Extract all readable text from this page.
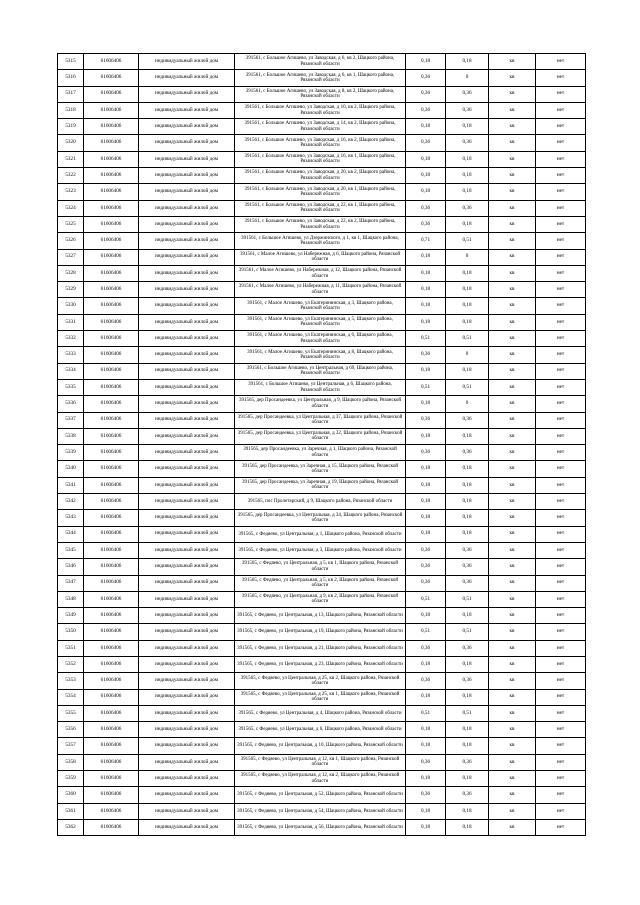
5315	61606406	индивидуальный жилой дом	391561, с Большое Агишево, ул Заводская, д 6, кв 2, Шацкого района, Рязанской области	0,18	0,18	кв	нет
5316	61606406	индивидуальный жилой дом	391561, с Большое Агишево, ул Заводская, д 6, кв 1, Шацкого района, Рязанской области	0,36	0	кв	нет
5317	61606406	индивидуальный жилой дом	391561, с Большое Агишево, ул Заводская, д 8, кв 2, Шацкого района, Рязанской области	0,36	0,36	кв	нет
5318	61606406	индивидуальный жилой дом	391561, с Большое Агишево, ул Заводская, д 10, кв 2, Шацкого района, Рязанской области	0,36	0,36	кв	нет
5319	61606406	индивидуальный жилой дом	391561, с Большое Агишево, ул Заводская, д 14, кв 2, Шацкого района, Рязанской области	0,18	0,18	кв	нет
5320	61606406	индивидуальный жилой дом	391561, с Большое Агишево, ул Заводская, д 16, кв 2, Шацкого района, Рязанской области	0,36	0,36	кв	нет
5321	61606406	индивидуальный жилой дом	391561, с Большое Агишево, ул Заводская, д 16, кв 1, Шацкого района, Рязанской области	0,18	0,18	кв	нет
5322	61606406	индивидуальный жилой дом	391561, с Большое Агишево, ул Заводская, д 20, кв 2, Шацкого района, Рязанской области	0,18	0,18	кв	нет
5323	61606406	индивидуальный жилой дом	391561, с Большое Агишево, ул Заводская, д 20, кв 1, Шацкого района, Рязанской области	0,18	0,18	кв	нет
5324	61606406	индивидуальный жилой дом	391561, с Большое Агишево, ул Заводская, д 22, кв 1, Шацкого района, Рязанской области	0,36	0,36	кв	нет
5325	61606406	индивидуальный жилой дом	391561, с Большое Агишево, ул Заводская, д 22, кв 2, Шацкого района, Рязанской области	0,36	0,18	кв	нет
5326	61606406	индивидуальный жилой дом	391561, с Большое Агишево, ул Дзержинского, д 1, кв 1, Шацкого района, Рязанской области	0,71	0,51	кв	нет
5327	61606406	индивидуальный жилой дом	391561, с Малое Агишево, ул Набережная, д 6, Шацкого района, Рязанской области	0,18	0	кв	нет
5328	61606406	индивидуальный жилой дом	391561, с Малое Агишево, ул Набережная, д 12, Шацкого района, Рязанской области	0,18	0,18	кв	нет
5329	61606406	индивидуальный жилой дом	391561, с Малое Агишево, ул Набережная, д 11, Шацкого района, Рязанской области	0,18	0,18	кв	нет
5330	61606406	индивидуальный жилой дом	391561, с Малое Агишево, ул Екатерининская, д 3, Шацкого района, Рязанской области	0,18	0,18	кв	нет
5331	61606406	индивидуальный жилой дом	391561, с Малое Агишево, ул Екатерининская, д 5, Шацкого района, Рязанской области	0,18	0,18	кв	нет
5332	61606406	индивидуальный жилой дом	391561, с Малое Агишево, ул Екатерининская, д 6, Шацкого района, Рязанской области	0,51	0,51	кв	нет
5333	61606406	индивидуальный жилой дом	391561, с Малое Агишево, ул Екатерининская, д 8, Шацкого района, Рязанской области	0,36	0	кв	нет
5334	61606406	индивидуальный жилой дом	391561, с Большое Агишево, ул Центральная, д 69, Шацкого района, Рязанской области	0,18	0,18	кв	нет
5335	61606406	индивидуальный жилой дом	391561, с Большое Агишево, ул Центральная, д 6, Шацкого района, Рязанской области	0,51	0,51	кв	нет
5336	61606406	индивидуальный жилой дом	391565, дер Просандеевка, ул Центральная, д 9, Шацкого района, Рязанской области	0,18	0	кв	нет
5337	61606406	индивидуальный жилой дом	391565, дер Просандеевка, ул Центральная, д 37, Шацкого района, Рязанской области	0,36	0,36	кв	нет
5338	61606406	индивидуальный жилой дом	391565, дер Просандеевка, ул Центральная, д 32, Шацкого района, Рязанской области	0,18	0,18	кв	нет
5339	61606406	индивидуальный жилой дом	391565, дер Просандеевка, ул Заречная, д 1, Шацкого района, Рязанской области	0,36	0,36	кв	нет
5340	61606406	индивидуальный жилой дом	391565, дер Просандеевка, ул Заречная, д 15, Шацкого района, Рязанской области	0,18	0,18	кв	нет
5341	61606406	индивидуальный жилой дом	391565, дер Просандеевка, ул Заречная, д 19, Шацкого района, Рязанской области	0,18	0,18	кв	нет
5342	61606406	индивидуальный жилой дом	391565, пос Пролетарский, д 9, Шацкого района, Рязанской области	0,18	0,18	кв	нет
5343	61606406	индивидуальный жилой дом	391565, дер Просандеевка, ул Центральная, д 34, Шацкого района, Рязанской области	0,18	0,18	кв	нет
5344	61606406	индивидуальный жилой дом	391565, с Федяево, ул Центральная, д 1, Шацкого района, Рязанской области	0,18	0,18	кв	нет
5345	61606406	индивидуальный жилой дом	391565, с Федяево, ул Центральная, д 3, Шацкого района, Рязанской области	0,36	0,36	кв	нет
5346	61606406	индивидуальный жилой дом	391565, с Федяево, ул Центральная, д 5, кв 1, Шацкого района, Рязанской области	0,36	0,36	кв	нет
5347	61606406	индивидуальный жилой дом	391565, с Федяево, ул Центральная, д 5, кв 2, Шацкого района, Рязанской области	0,36	0,36	кв	нет
5348	61606406	индивидуальный жилой дом	391565, с Федяево, ул Центральная, д 9, кв 2, Шацкого района, Рязанской области	0,51	0,51	кв	нет
5349	61606406	индивидуальный жилой дом	391565, с Федяево, ул Центральная, д 13, Шацкого района, Рязанской области	0,18	0,18	кв	нет
5350	61606406	индивидуальный жилой дом	391565, с Федяево, ул Центральная, д 19, Шацкого района, Рязанской области	0,51	0,51	кв	нет
5351	61606406	индивидуальный жилой дом	391565, с Федяево, ул Центральная, д 21, Шацкого района, Рязанской области	0,36	0,36	кв	нет
5352	61606406	индивидуальный жилой дом	391565, с Федяево, ул Центральная, д 23, Шацкого района, Рязанской области	0,18	0,18	кв	нет
5353	61606406	индивидуальный жилой дом	391565, с Федяево, ул Центральная, д 25, кв 2, Шацкого района, Рязанской области	0,36	0,36	кв	нет
5354	61606406	индивидуальный жилой дом	391565, с Федяево, ул Центральная, д 25, кв 1, Шацкого района, Рязанской области	0,18	0,18	кв	нет
5355	61606406	индивидуальный жилой дом	391565, с Федяево, ул Центральная, д 4, Шацкого района, Рязанской области	0,51	0,51	кв	нет
5356	61606406	индивидуальный жилой дом	391565, с Федяево, ул Центральная, д 6, Шацкого района, Рязанской области	0,18	0,18	кв	нет
5357	61606406	индивидуальный жилой дом	391565, с Федяево, ул Центральная, д 10, Шацкого района, Рязанской области	0,18	0,18	кв	нет
5358	61606406	индивидуальный жилой дом	391565, с Федяево, ул Центральная, д 12, кв 1, Шацкого района, Рязанской области	0,36	0,36	кв	нет
5359	61606406	индивидуальный жилой дом	391565, с Федяево, ул Центральная, д 12, кв 2, Шацкого района, Рязанской области	0,18	0,18	кв	нет
5360	61606406	индивидуальный жилой дом	391565, с Федяево, ул Центральная, д 52, Шацкого района, Рязанской области	0,36	0,36	кв	нет
5361	61606406	индивидуальный жилой дом	391565, с Федяево, ул Центральная, д 54, Шацкого района, Рязанской области	0,18	0,18	кв	нет
5362	61606406	индивидуальный жилой дом	391565, с Федяево, ул Центральная, д 56, Шацкого района, Рязанской области	0,18	0,18	кв	нет
